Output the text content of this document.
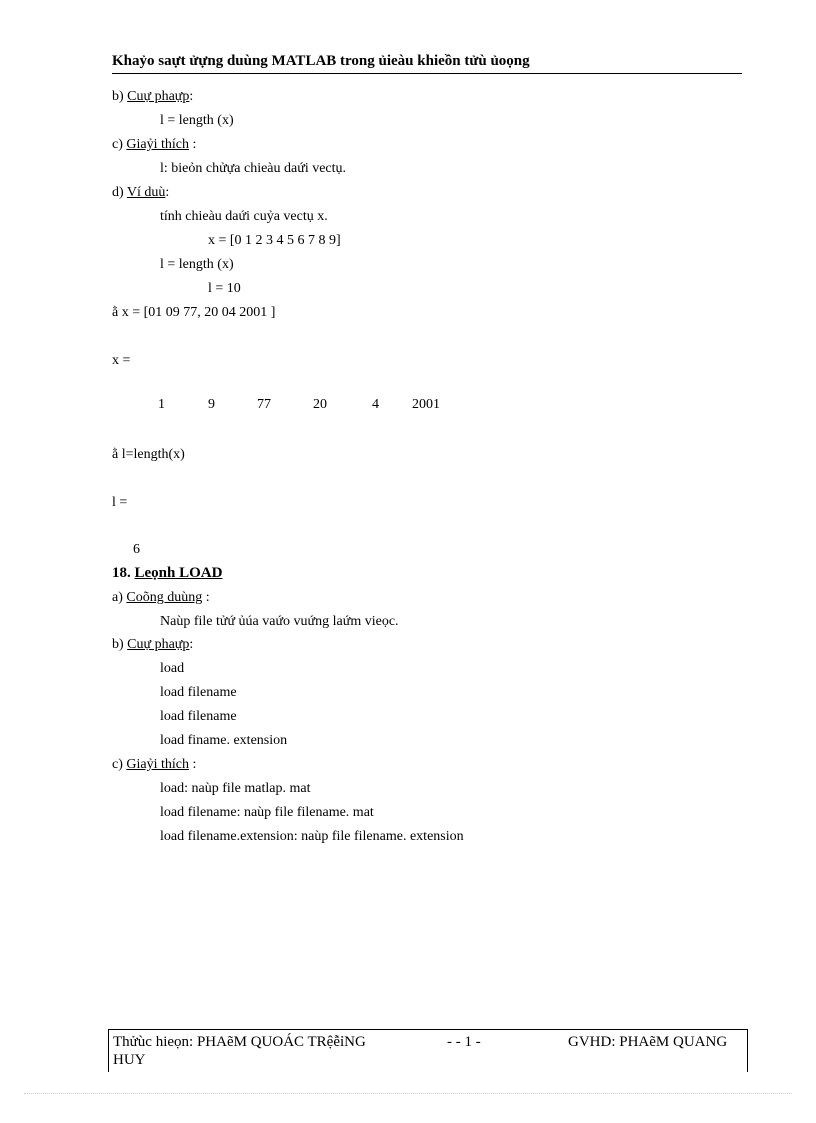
Khaỷo saựt ửựng duùng MATLAB trong ủieàu khieồn tửù ủoọng
b) Cuự phaựp:
l = length (x)
c) Giaỷi thích :
l: bieỏn chửựa chieàu daứi vectụ.
d) Ví duù:
tính chieàu daứi cuỷa vectụ x.
x = [0 1 2 3 4 5 6 7 8 9]
l = length (x)
l = 10
ằ x = [01 09 77, 20 04 2001 ]
x =
1	9	77	20	4 2001
ằ l=length(x)
l =
6
18. Leọnh LOAD
a) Coõng duùng :
Naùp file tửứ ủúa vaứo vuứng laứm vieọc.
b) Cuự phaựp:
load
load filename
load filename
load finame. extension
c) Giaỷi thích :
load: naùp file matlap. mat
load filename: naùp file filename. mat
load filename.extension: naùp file filename. extension
Thửùc hieọn: PHAẽM QUOÁC TRệễỉNG
HUY
- - 1 -	GVHD: PHAẽM QUANG
